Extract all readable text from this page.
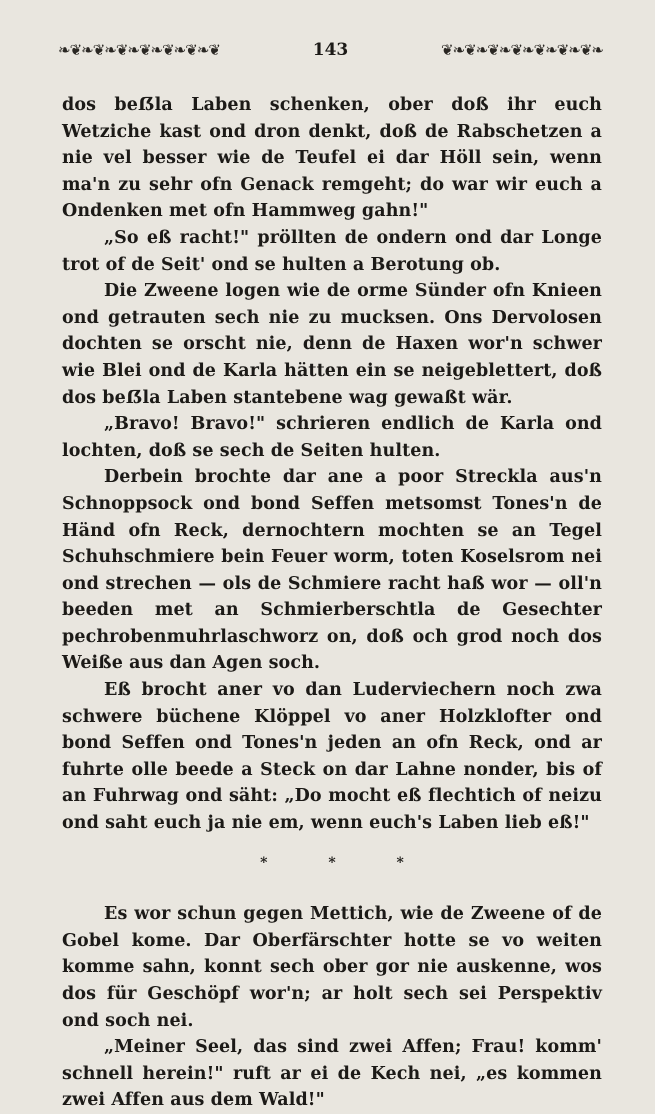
❧❦❧❦❧❦❧❦❧❦❧❦❧❦	143	❦❧❦❧❦❧❦❧❦❧❦❧❦❧

dos beẞla Laben schenken, ober doß ihr euch Wetziche kast ond dron denkt, doß de Rabschetzen a nie vel besser wie de Teufel ei dar Höll sein, wenn ma'n zu sehr ofn Genack remgeht; do war wir euch a Ondenken met ofn Hammweg gahn!"

„So eß racht!" pröllten de ondern ond dar Longe trot of de Seit' ond se hulten a Berotung ob.

Die Zweene logen wie de orme Sünder ofn Knieen ond getrauten sech nie zu mucksen. Ons Dervolosen dochten se orscht nie, denn de Haxen wor'n schwer wie Blei ond de Karla hätten ein se neigeblettert, doß dos beẞla Laben stantebene wag gewaßt wär.

„Bravo! Bravo!" schrieren endlich de Karla ond lochten, doß se sech de Seiten hulten.

Derbein brochte dar ane a poor Streckla aus'n Schnoppsock ond bond Seffen metsomst Tones'n de Händ ofn Reck, dernochtern mochten se an Tegel Schuhschmiere bein Feuer worm, toten Koselsrom nei ond strechen — ols de Schmiere racht haß wor — oll'n beeden met an Schmierberschtla de Gesechter pechrobenmuhrlaschworz on, doß och grod noch dos Weiße aus dan Agen soch.

Eß brocht aner vo dan Luderviechern noch zwa schwere büchene Klöppel vo aner Holzklofter ond bond Seffen ond Tones'n jeden an ofn Reck, ond ar fuhrte olle beede a Steck on dar Lahne nonder, bis of an Fuhrwag ond säht: „Do mocht eß flechtich of neizu ond saht euch ja nie em, wenn euch's Laben lieb eß!"

* * *

Es wor schun gegen Mettich, wie de Zweene of de Gobel kome. Dar Oberfärschter hotte se vo weiten komme sahn, konnt sech ober gor nie auskenne, wos dos für Geschöpf wor'n; ar holt sech sei Perspektiv ond soch nei.

„Meiner Seel, das sind zwei Affen; Frau! komm' schnell herein!" ruft ar ei de Kech nei, „es kommen zwei Affen aus dem Wald!"
